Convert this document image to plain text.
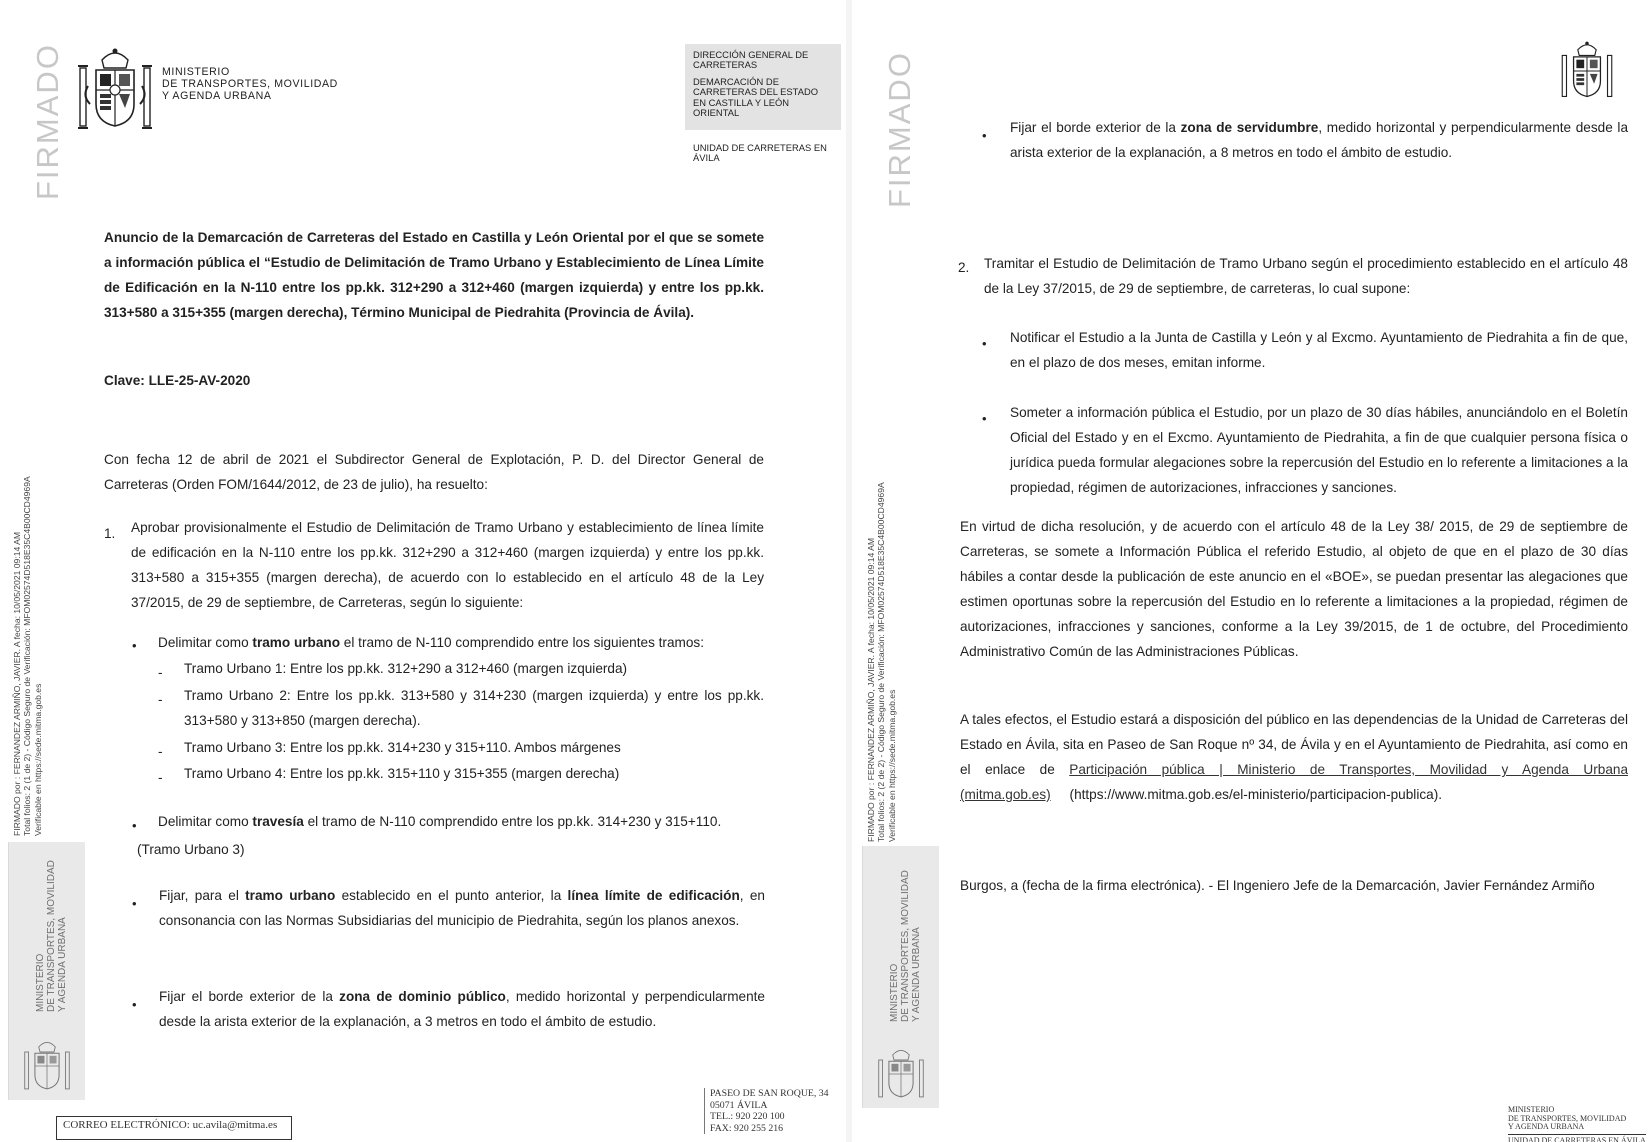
FIRMADO	MINISTERIO
DE TRANSPORTES, MOVILIDAD
Y AGENDA URBANA
DIRECCIÓN GENERAL DE CARRETERAS
DEMARCACIÓN DE CARRETERAS DEL ESTADO EN CASTILLA Y LEÓN ORIENTAL
UNIDAD DE CARRETERAS EN ÁVILA
FIRMADO por : FERNANDEZ ARMIÑO, JAVIER. A fecha: 10/05/2021 09:14 AM Total folios: 2 (1 de 2) - Código Seguro de Verificación: MFOM02574D518E35C4B00CD4969A Verificable en https://sede.mitma.gob.es
MINISTERIO DE TRANSPORTES, MOVILIDAD Y AGENDA URBANA
Anuncio de la Demarcación de Carreteras del Estado en Castilla y León Oriental por el que se somete a información pública el “Estudio de Delimitación de Tramo Urbano y Establecimiento de Línea Límite de Edificación en la N-110 entre los pp.kk. 312+290 a 312+460 (margen izquierda) y entre los pp.kk. 313+580 a 315+355 (margen derecha), Término Municipal de Piedrahita (Provincia de Ávila).
Clave: LLE-25-AV-2020
Con fecha 12 de abril de 2021 el Subdirector General de Explotación, P. D. del Director General de Carreteras (Orden FOM/1644/2012, de 23 de julio), ha resuelto:
1. Aprobar provisionalmente el Estudio de Delimitación de Tramo Urbano y establecimiento de línea límite de edificación en la N-110 entre los pp.kk. 312+290 a 312+460 (margen izquierda) y entre los pp.kk. 313+580 a 315+355 (margen derecha), de acuerdo con lo establecido en el artículo 48 de la Ley 37/2015, de 29 de septiembre, de Carreteras, según lo siguiente:
• Delimitar como tramo urbano el tramo de N-110 comprendido entre los siguientes tramos:
- Tramo Urbano 1: Entre los pp.kk. 312+290 a 312+460 (margen izquierda)
- Tramo Urbano 2: Entre los pp.kk. 313+580 y 314+230 (margen izquierda) y entre los pp.kk. 313+580 y 313+850 (margen derecha).
- Tramo Urbano 3: Entre los pp.kk. 314+230 y 315+110. Ambos márgenes
- Tramo Urbano 4: Entre los pp.kk. 315+110 y 315+355 (margen derecha)
• Delimitar como travesía el tramo de N-110 comprendido entre los pp.kk. 314+230 y 315+110.
(Tramo Urbano 3)
•
Fijar, para el tramo urbano establecido en el punto anterior, la línea límite de edificación, en consonancia con las Normas Subsidiarias del municipio de Piedrahita, según los planos anexos.
•
Fijar el borde exterior de la zona de dominio público, medido horizontal y perpendicularmente desde la arista exterior de la explanación, a 3 metros en todo el ámbito de estudio.
CORREO ELECTRÓNICO: uc.avila@mitma.es
PASEO DE SAN ROQUE, 34
05071 ÁVILA
TEL.: 920 220 100
FAX: 920 255 216
FIRMADO
FIRMADO por : FERNANDEZ ARMIÑO, JAVIER. A fecha: 10/05/2021 09:14 AM Total folios: 2 (2 de 2) - Código Seguro de Verificación: MFOM02574D518E35C4B00CD4969A Verificable en https://sede.mitma.gob.es
MINISTERIO DE TRANSPORTES, MOVILIDAD Y AGENDA URBANA
•
Fijar el borde exterior de la zona de servidumbre, medido horizontal y perpendicularmente desde la arista exterior de la explanación, a 8 metros en todo el ámbito de estudio.
2. Tramitar el Estudio de Delimitación de Tramo Urbano según el procedimiento establecido en el artículo 48 de la Ley 37/2015, de 29 de septiembre, de carreteras, lo cual supone:
• Notificar el Estudio a la Junta de Castilla y León y al Excmo. Ayuntamiento de Piedrahita a fin de que, en el plazo de dos meses, emitan informe.
• Someter a información pública el Estudio, por un plazo de 30 días hábiles, anunciándolo en el Boletín Oficial del Estado y en el Excmo. Ayuntamiento de Piedrahita, a fin de que cualquier persona física o jurídica pueda formular alegaciones sobre la repercusión del Estudio en lo referente a limitaciones a la propiedad, régimen de autorizaciones, infracciones y sanciones.
En virtud de dicha resolución, y de acuerdo con el artículo 48 de la Ley 38/ 2015, de 29 de septiembre de Carreteras, se somete a Información Pública el referido Estudio, al objeto de que en el plazo de 30 días hábiles a contar desde la publicación de este anuncio en el «BOE», se puedan presentar las alegaciones que estimen oportunas sobre la repercusión del Estudio en lo referente a limitaciones a la propiedad, régimen de autorizaciones, infracciones y sanciones, conforme a la Ley 39/2015, de 1 de octubre, del Procedimiento Administrativo Común de las Administraciones Públicas.
A tales efectos, el Estudio estará a disposición del público en las dependencias de la Unidad de Carreteras del Estado en Ávila, sita en Paseo de San Roque nº 34, de Ávila y en el Ayuntamiento de Piedrahita, así como en el enlace de Participación pública | Ministerio de Transportes, Movilidad y Agenda Urbana (mitma.gob.es) (https://www.mitma.gob.es/el-ministerio/participacion-publica).
Burgos, a (fecha de la firma electrónica). - El Ingeniero Jefe de la Demarcación, Javier Fernández Armiño
MINISTERIO
DE TRANSPORTES, MOVILIDAD
Y AGENDA URBANA
UNIDAD DE CARRETERAS EN ÁVILA
